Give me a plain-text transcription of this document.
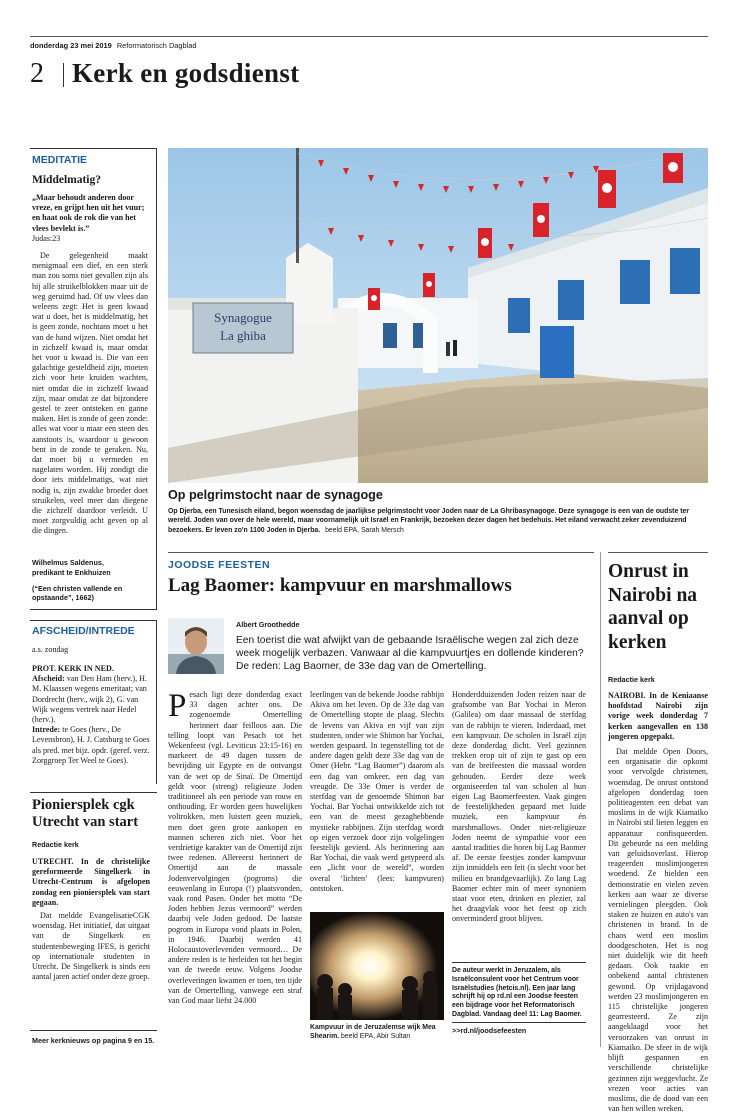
donderdag 23 mei 2019 Reformatorisch Dagblad
2 Kerk en godsdienst
MEDITATIE
Middelmatig?
„Maar behoudt anderen door vreze, en grijpt hen uit het vuur; en haat ook de rok die van het vlees bevlekt is.”
Judas:23
De gelegenheid maakt menigmaal een dief, en een sterk man zou soms niet gevallen zijn als hij alle struikelblokken maar uit de weg geruimd had. Of uw vlees dan weleens zegt: Het is geen kwaad wat u doet, het is middelmatig, het is geen zonde, nochtans moet u het van de hand wijzen. Niet omdat het in zichzelf kwaad is, maar omdat het voor u kwaad is. Die van een galachtige gesteldheid zijn, moeten zich voor hete kruiden wachten, niet omdat die in zichzelf kwaad zijn, maar omdat ze dat bijzondere gestel te zeer ontsteken en ganne maken. Het is zonde of geen zonde: alles wat voor u maar een steen des aanstoots is, waardoor u gewoon bent in de zonde te geraken. Nu, dat moet bij u vermeden en nagelaten worden. Hij zondigt die door iets middelmatigs, wat niet nodig is, zijn zwakke broeder doet struikelen, veel meer dan diegene die zichzelf daardoor verleidt. U moet zorgvuldig acht geven op al die dingen.
Wilhelmus Saldenus,
predikant te Enkhuizen
(“Een christen vallende en opstaande”, 1662)
AFSCHEID/INTREDE
a.s. zondag
PROT. KERK IN NED.
Afscheid: van Den Ham (herv.), H. M. Klaassen wegens emeritaat; van Dordrecht (herv., wijk 2), G. van Wijk wegens vertrek naar Hedel (herv.).
Intrede: te Goes (herv., De Levensbron), H. J. Catsburg te Goes als pred. met bijz. opdr. (geref. verz. Zorggroep Ter Weel te Goes).
Pioniersplek cgk Utrecht van start
Redactie kerk
UTRECHT. In de christelijke gereformeerde Singelkerk in Utrecht-Centrum is afgelopen zondag een pioniersplek van start gegaan.
Dat meldde EvangelisatieCGK woensdag. Het initiatief, dat uitgaat van de Singelkerk en studentenbeweging IFES, is gericht op internationale studenten in Utrecht. De Singelkerk is sinds een aantal jaren actief onder deze groep.
Meer kerknieuws op pagina 9 en 15.
Synagogue
La ghiba
Op pelgrimstocht naar de synagoge
Op Djerba, een Tunesisch eiland, begon woensdag de jaarlijkse pelgrimstocht voor Joden naar de La Ghribasynagoge. Deze synagoge is een van de oudste ter wereld. Joden van over de hele wereld, maar voornamelijk uit Israël en Frankrijk, bezoeken dezer dagen het bedehuis. Het eiland verwacht zeker zevenduizend bezoekers. Er leven zo'n 1100 Joden in Djerba. beeld EPA, Sarah Mersch
JOODSE FEESTEN
Lag Baomer: kampvuur en marshmallows
Albert Groothedde
Een toerist die wat afwijkt van de gebaande Israëlische wegen zal zich deze week mogelijk verbazen. Vanwaar al die kampvuurtjes en dollende kinderen? De reden: Lag Baomer, de 33e dag van de Omertelling.
Pesach ligt deze donderdag exact 33 dagen achter ons. De zogenoemde Omertelling herinnert daar feilloos aan. Die telling loopt van Pesach tot het Wekenfeest (vgl. Leviticus 23:15-16) en markeert de 49 dagen tussen de bevrijding uit Egypte en de ontvangst van de wet op de Sinaï. De Omertijd geldt voor (streng) religieuze Joden traditioneel als een periode van rouw en onthouding. Er worden geen huwelijken voltrokken, men luistert geen muziek, men doet geen grote aankopen en mannen scheren zich niet. Voor het verdrietige karakter van de Omertijd zijn twee redenen. Allereerst herinnert de Omertijd aan de massale Jodenvervolgingen (pogroms) die eeuwenlang in Europa (!) plaatsvonden, vaak rond Pasen. Onder het motto “De Joden hebben Jezus vermoord” werden daarbij vele Joden gedood. De laatste pogrom in Europa vond plaats in Polen, in 1946. Daarbij werden 41 Holocaustoverlevenden vermoord… De andere reden is te herleiden tot het begin van de tweede eeuw. Volgens Joodse overleveringen kwamen er toen, ten tijde van de Omertelling, vanwege een straf van God maar liefst 24.000
leerlingen van de bekende Joodse rabbijn Akiva om het leven. Op de 33e dag van de Omertelling stopte de plaag. Slechts de levens van Akiva en vijf van zijn studenten, onder wie Shimon bar Yochai, werden gespaard. In tegenstelling tot de andere dagen geldt deze 33e dag van de Omer (Hebr. “Lag Baomer”) daarom als een dag van omkeer, een dag van vreugde. De 33e Omer is verder de sterfdag van de genoemde Shimon bar Yochai. Bar Yochai ontwikkelde zich tot een van de meest gezaghebbende mystieke rabbijnen. Zijn sterfdag wordt op eigen verzoek door zijn volgelingen feestelijk gevierd. Als herinnering aan Bar Yochai, die vaak werd getypeerd als een „licht voor de wereld”, worden overal ‘lichten’ (lees: kampvuren) ontstoken.
Kampvuur in de Jeruzalemse wijk Mea Shearim. beeld EPA, Abir Sultan
Honderdduizenden Joden reizen naar de grafsombe van Bar Yochai in Meron (Galilea) om daar massaal de sterfdag van de rabbijn te vieren. Inderdaad, met een kampvuur. De scholen in Israël zijn deze donderdag dicht. Veel gezinnen trekken erop uit of zijn te gast op een van de breifeesten die massaal worden gehouden. Eerder deze week organiseerden tal van scholen al hun eigen Lag Baomerfeesten. Vaak gingen de feestelijkheden gepaard met luide muziek, een kampvuur én marshmallows. Onder niet-religieuze Joden neemt de sympathie voor een aantal tradities die horen bij Lag Baomer af. De eerste feestjes zonder kampvuur zijn inmiddels een feit (is slecht voor het milieu en brandgevaarlijk). Zo lang Lag Baomer echter min of meer synoniem staat voor eten, drinken en plezier, zal het draagvlak voor het feest op zich onverminderd groot blijven.
De auteur werkt in Jeruzalem, als Israëlconsulent voor het Centrum voor Israëlstudies (hetcis.nl). Een jaar lang schrijft hij op rd.nl een Joodse feesten een bijdrage voor het Reformatorisch Dagblad. Vandaag deel 11: Lag Baomer.
>>rd.nl/joodsefeesten
Onrust in Nairobi na aanval op kerken
Redactie kerk
NAIROBI. In de Keniaanse hoofdstad Nairobi zijn vorige week donderdag 7 kerken aangevallen en 138 jongeren opgepakt.
Dat meldde Open Doors, een organisatie die opkomt voor vervolgde christenen, woensdag. De onrust ontstond afgelopen donderdag toen politieagenten een debat van moslims in de wijk Kiamaiko in Nairobi stil lieten leggen en apparatuur confisqueerden. Dit gebeurde na een melding van geluidsoverlast. Hierop reageerden moslimjongeren woedend. Ze hielden een demonstratie en vielen zeven kerken aan waar ze diverse vernielingen pleegden. Ook staken ze huizen en auto's van christenen in brand. In de chaos werd een moslim doodgeschoten. Het is nog niet duidelijk wie dit heeft gedaan. Ook raakte en onbekend aantal christenen gewond. Op vrijdagavond werden 23 moslimjongeren en 115 christelijke jongeren gearresteerd. Ze zijn aangeklaagd voor het veroorzaken van onrust in Kiamaiko. De sfeer in de wijk blijft gespannen en verschillende christelijke gezinnen zijn weggevlucht. Ze vrezen voor acties van moslims, die de dood van een van hen willen wreken.
